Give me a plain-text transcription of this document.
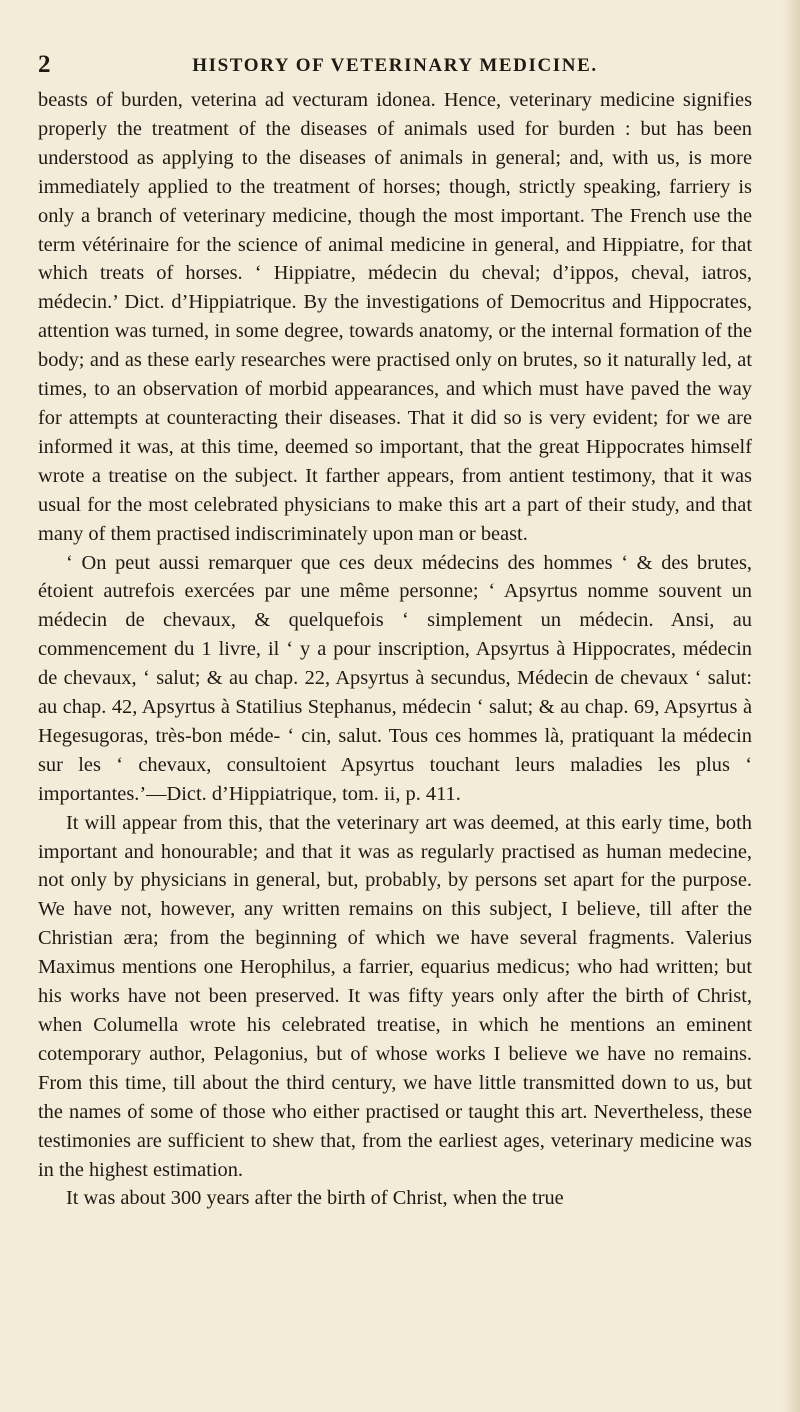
2	HISTORY OF VETERINARY MEDICINE.

beasts of burden, veterina ad vecturam idonea. Hence, veterinary medicine signifies properly the treatment of the diseases of animals used for burden : but has been understood as applying to the diseases of animals in general; and, with us, is more immediately applied to the treatment of horses; though, strictly speaking, farriery is only a branch of veterinary medicine, though the most important. The French use the term vétérinaire for the science of animal medicine in general, and Hippiatre, for that which treats of horses. ‘ Hippiatre, médecin du cheval; d’ippos, cheval, iatros, médecin.’ Dict. d’Hippiatrique. By the investigations of Democritus and Hippocrates, attention was turned, in some degree, towards anatomy, or the internal formation of the body; and as these early researches were practised only on brutes, so it naturally led, at times, to an observation of morbid appearances, and which must have paved the way for attempts at counteracting their diseases. That it did so is very evident; for we are informed it was, at this time, deemed so important, that the great Hippocrates himself wrote a treatise on the subject. It farther appears, from antient testimony, that it was usual for the most celebrated physicians to make this art a part of their study, and that many of them practised indiscriminately upon man or beast.

‘ On peut aussi remarquer que ces deux médecins des hommes ‘ & des brutes, étoient autrefois exercées par une même personne; ‘ Apsyrtus nomme souvent un médecin de chevaux, & quelquefois ‘ simplement un médecin. Ansi, au commencement du 1 livre, il ‘ y a pour inscription, Apsyrtus à Hippocrates, médecin de chevaux, ‘ salut; & au chap. 22, Apsyrtus à secundus, Médecin de chevaux ‘ salut: au chap. 42, Apsyrtus à Statilius Stephanus, médecin ‘ salut; & au chap. 69, Apsyrtus à Hegesugoras, très-bon méde- ‘ cin, salut. Tous ces hommes là, pratiquant la médecin sur les ‘ chevaux, consultoient Apsyrtus touchant leurs maladies les plus ‘ importantes.’—Dict. d’Hippiatrique, tom. ii, p. 411.

It will appear from this, that the veterinary art was deemed, at this early time, both important and honourable; and that it was as regularly practised as human medecine, not only by physicians in general, but, probably, by persons set apart for the purpose. We have not, however, any written remains on this subject, I believe, till after the Christian æra; from the beginning of which we have several fragments. Valerius Maximus mentions one Herophilus, a farrier, equarius medicus; who had written; but his works have not been preserved. It was fifty years only after the birth of Christ, when Columella wrote his celebrated treatise, in which he mentions an eminent cotemporary author, Pelagonius, but of whose works I believe we have no remains. From this time, till about the third century, we have little transmitted down to us, but the names of some of those who either practised or taught this art. Nevertheless, these testimonies are sufficient to shew that, from the earliest ages, veterinary medicine was in the highest estimation.

It was about 300 years after the birth of Christ, when the true
